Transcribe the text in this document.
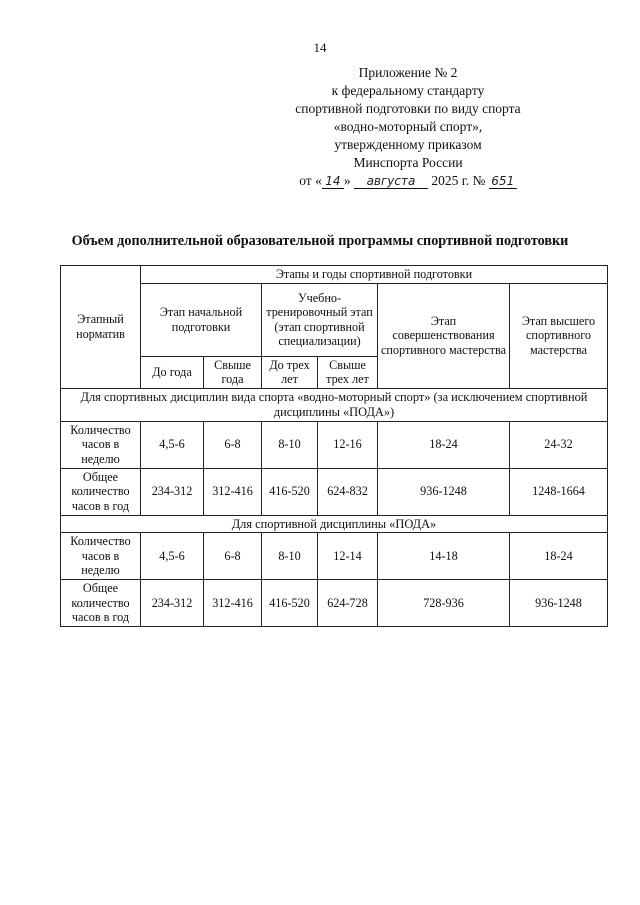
14
Приложение № 2
к федеральному стандарту
спортивной подготовки по виду спорта
«водно-моторный спорт»,
утвержденному приказом
Минспорта России
от « 14 » августа 2025 г. № 651
Объем дополнительной образовательной программы спортивной подготовки
Этапный норматив	Этапы и годы спортивной подготовки					
	Этап начальной подготовки		Учебно-тренировочный этап (этап спортивной специализации)		Этап совершенствования спортивного мастерства	Этап высшего спортивного мастерства
	До года	Свыше года	До трех лет	Свыше трех лет		
Для спортивных дисциплин вида спорта «водно-моторный спорт» (за исключением спортивной дисциплины «ПОДА»)						
Количество часов в неделю	4,5-6	6-8	8-10	12-16	18-24	24-32
Общее количество часов в год	234-312	312-416	416-520	624-832	936-1248	1248-1664
Для спортивной дисциплины «ПОДА»						
Количество часов в неделю	4,5-6	6-8	8-10	12-14	14-18	18-24
Общее количество часов в год	234-312	312-416	416-520	624-728	728-936	936-1248
